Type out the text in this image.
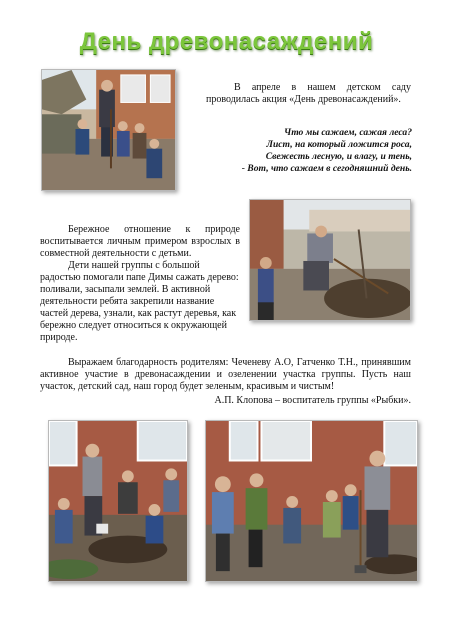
День древонасаждений

В апреле в нашем детском саду проводилась акция «День древонасаждений».

Что мы сажаем, сажая леса?
Лист, на который ложится роса,
Свежесть лесную, и влагу, и тень,
- Вот, что сажаем в сегодняшний день.

Бережное отношение к природе воспитывается личным примером взрослых в совместной деятельности с детьми.

Дети нашей группы с большой радостью помогали папе Димы сажать дерево: поливали, засыпали землей. В активной деятельности ребята закрепили название частей дерева, узнали, как растут деревья, как бережно следует относиться к окружающей природе.

Выражаем благодарность родителям: Чеченеву А.О, Гатченко Т.Н., принявшим активное участие в древонасаждении и озеленении участка группы. Пусть наш участок, детский сад, наш город будет зеленым, красивым и чистым!

А.П. Клопова – воспитатель группы «Рыбки».
